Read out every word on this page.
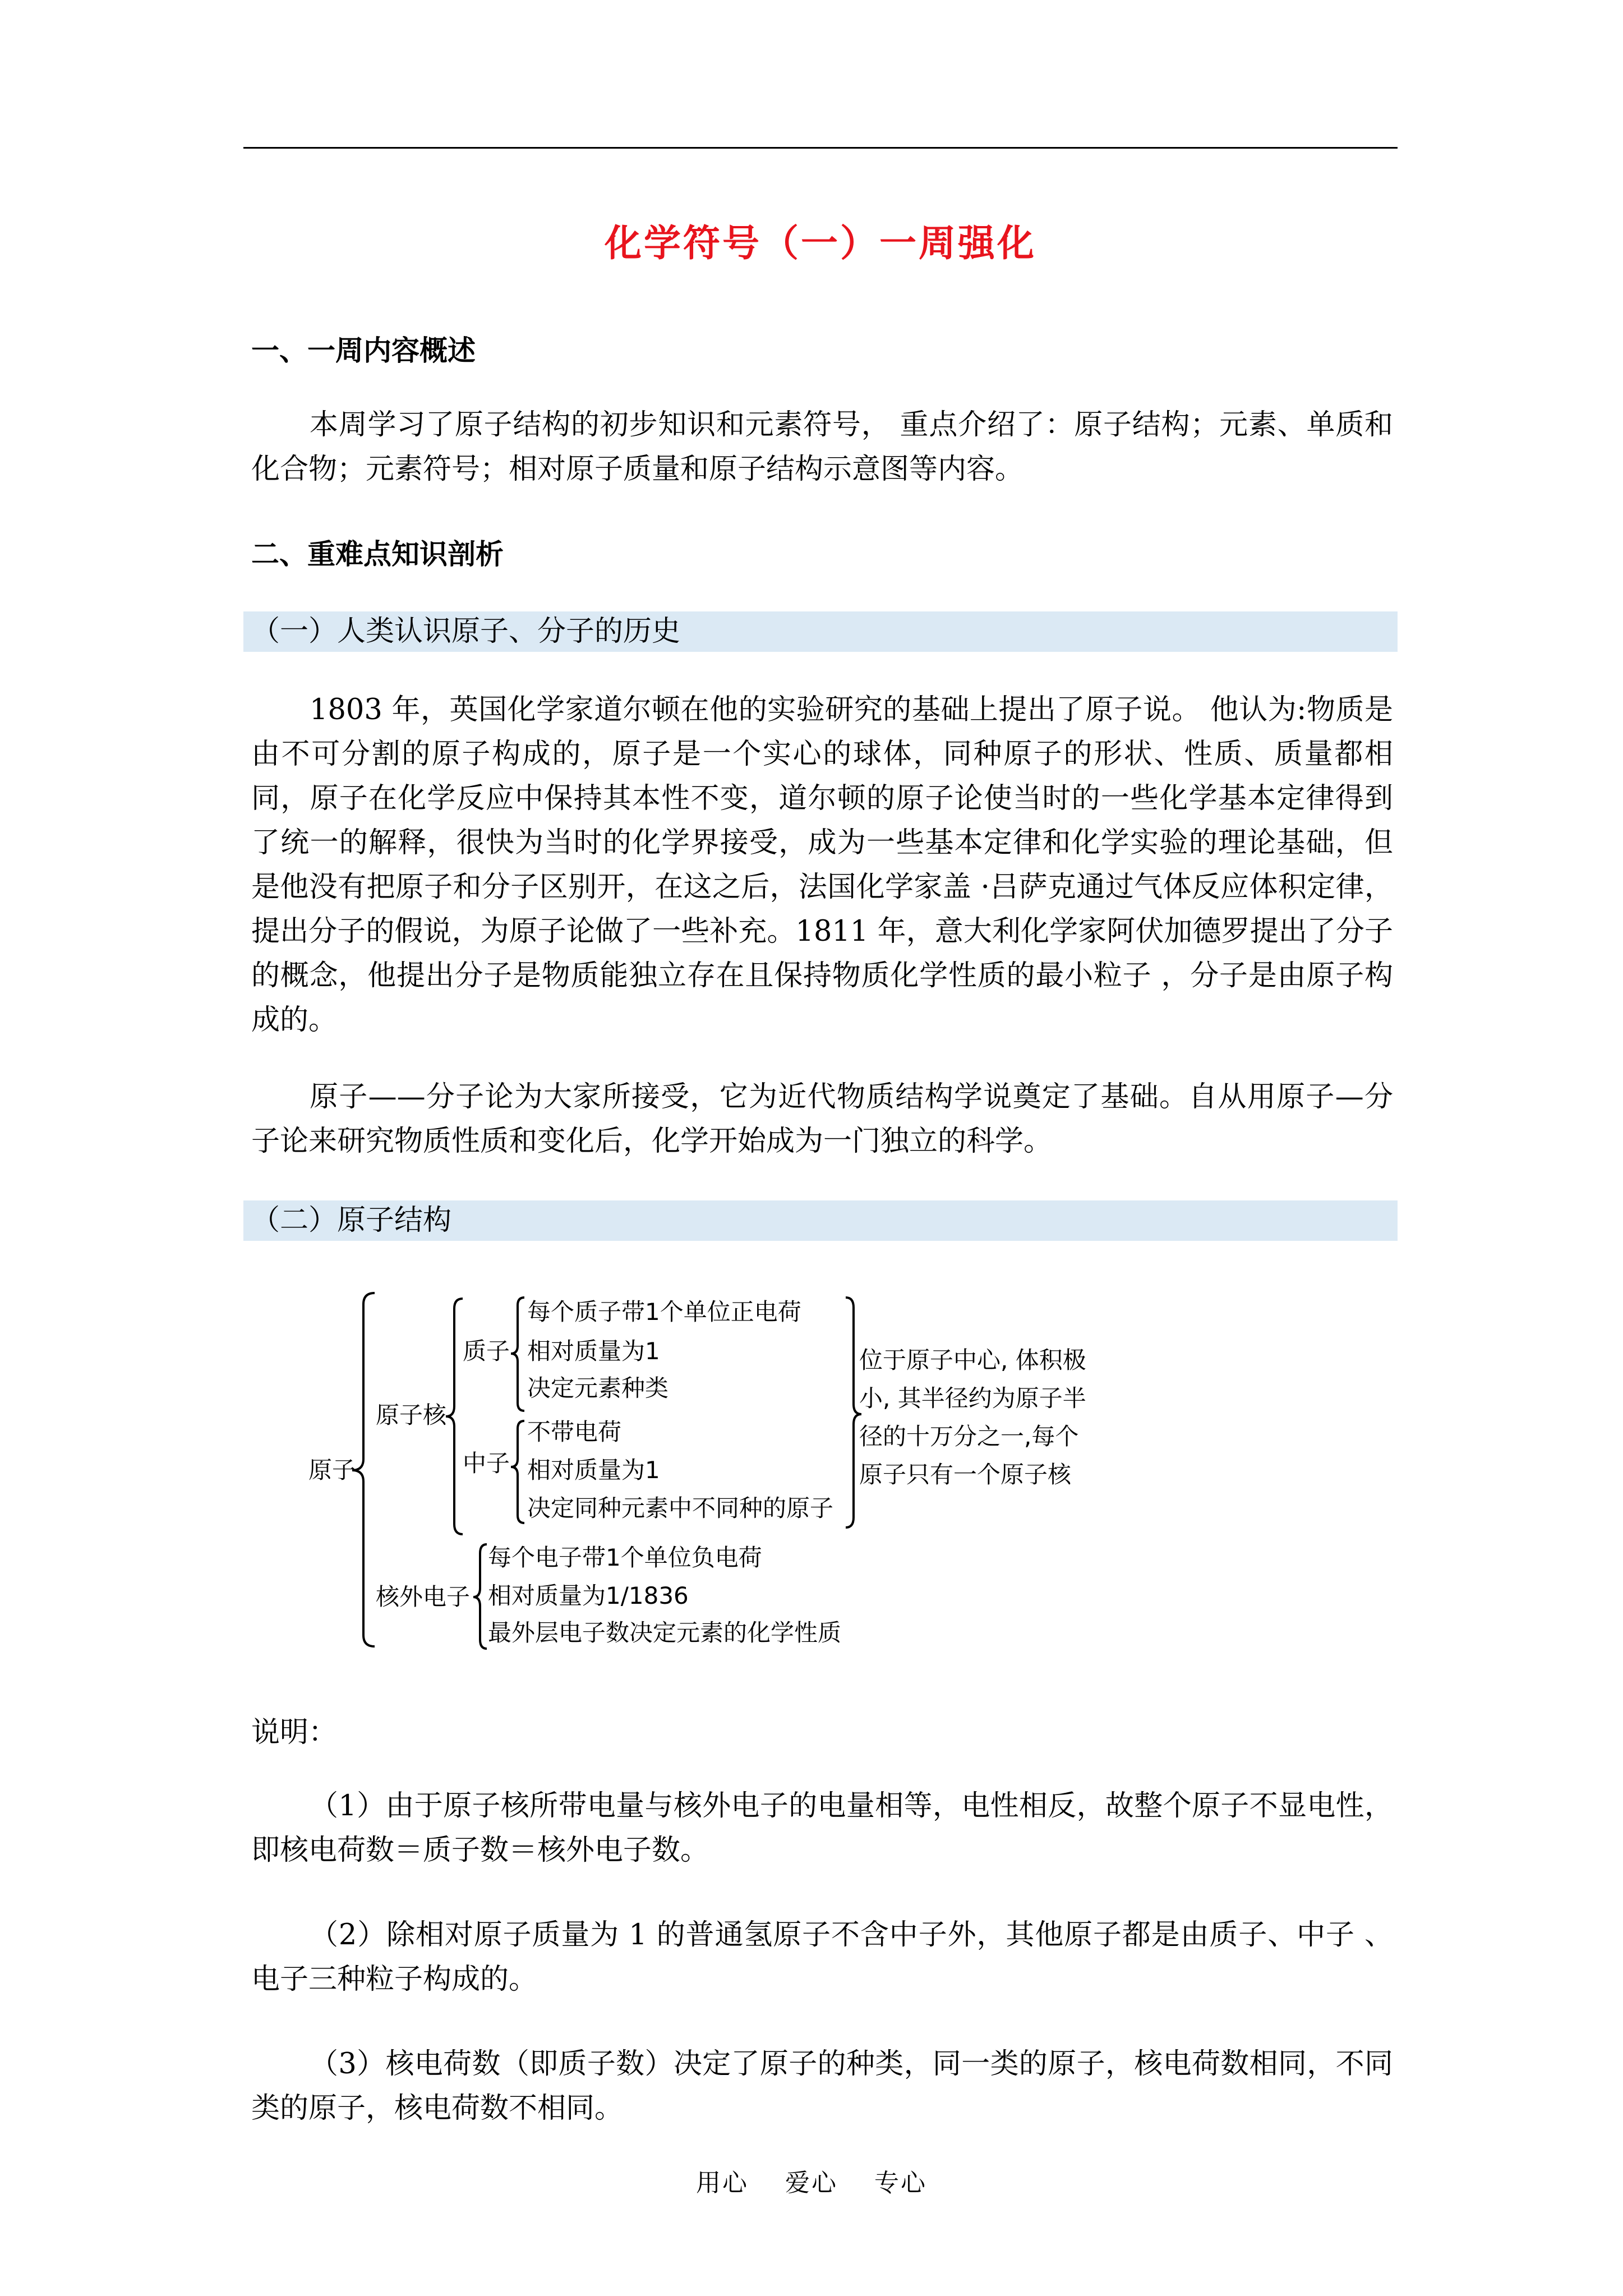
化学符号（一）一周强化
一、一周内容概述

本周学习了原子结构的初步知识和元素符号， 重点介绍了：原子结构；元素、单质和化合物；元素符号；相对原子质量和原子结构示意图等内容。

二、重难点知识剖析
（一）人类认识原子、分子的历史

1803 年，英国化学家道尔顿在他的实验研究的基础上提出了原子说。 他认为:物质是由不可分割的原子构成的，原子是一个实心的球体，同种原子的形状、性质、质量都相同，原子在化学反应中保持其本性不变，道尔顿的原子论使当时的一些化学基本定律得到了统一的解释，很快为当时的化学界接受，成为一些基本定律和化学实验的理论基础，但是他没有把原子和分子区别开，在这之后，法国化学家盖 ·吕萨克通过气体反应体积定律，提出分子的假说，为原子论做了一些补充。1811 年，意大利化学家阿伏加德罗提出了分子的概念，他提出分子是物质能独立存在且保持物质化学性质的最小粒子 ，分子是由原子构成的。

原子——分子论为大家所接受，它为近代物质结构学说奠定了基础。自从用原子—分子论来研究物质性质和变化后，化学开始成为一门独立的科学。

（二）原子结构
原子
原子核
质子
每个质子带1个单位正电荷
相对质量为1
决定元素种类
中子
不带电荷
相对质量为1
决定同种元素中不同种的原子
位于原子中心, 体积极
小, 其半径约为原子半
径的十万分之一,每个
原子只有一个原子核
核外电子
每个电子带1个单位负电荷
相对质量为1/1836
最外层电子数决定元素的化学性质
说明：

（1）由于原子核所带电量与核外电子的电量相等，电性相反，故整个原子不显电性，即核电荷数＝质子数＝核外电子数。

（2）除相对原子质量为 1 的普通氢原子不含中子外，其他原子都是由质子、中子 、电子三种粒子构成的。

（3）核电荷数（即质子数）决定了原子的种类，同一类的原子，核电荷数相同，不同类的原子，核电荷数不相同。

用心 爱心 专心
